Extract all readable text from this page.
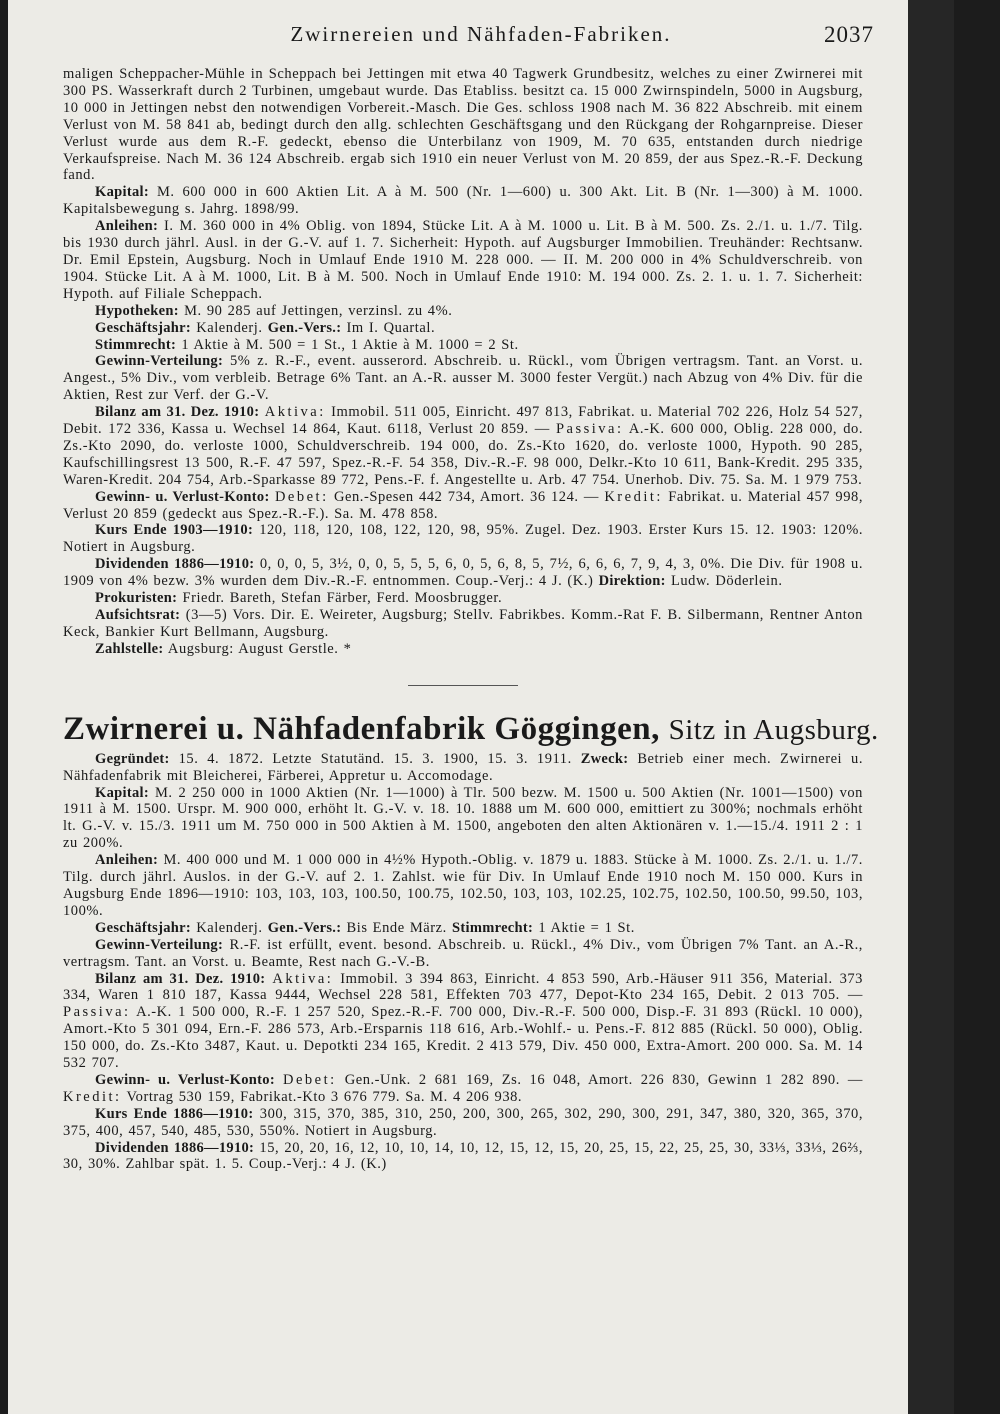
Zwirnereien und Nähfaden-Fabriken.	2037
maligen Scheppacher-Mühle in Scheppach bei Jettingen mit etwa 40 Tagwerk Grundbesitz, welches zu einer Zwirnerei mit 300 PS. Wasserkraft durch 2 Turbinen, umgebaut wurde. Das Etabliss. besitzt ca. 15 000 Zwirnspindeln, 5000 in Augsburg, 10 000 in Jettingen nebst den notwendigen Vorbereit.-Masch. Die Ges. schloss 1908 nach M. 36 822 Abschreib. mit einem Verlust von M. 58 841 ab, bedingt durch den allg. schlechten Geschäftsgang und den Rückgang der Rohgarnpreise. Dieser Verlust wurde aus dem R.-F. gedeckt, ebenso die Unterbilanz von 1909, M. 70 635, entstanden durch niedrige Verkaufspreise. Nach M. 36 124 Abschreib. ergab sich 1910 ein neuer Verlust von M. 20 859, der aus Spez.-R.-F. Deckung fand.
Kapital: M. 600 000 in 600 Aktien Lit. A à M. 500 (Nr. 1—600) u. 300 Akt. Lit. B (Nr. 1—300) à M. 1000. Kapitalsbewegung s. Jahrg. 1898/99.
Anleihen: I. M. 360 000 in 4% Oblig. von 1894, Stücke Lit. A à M. 1000 u. Lit. B à M. 500. Zs. 2./1. u. 1./7. Tilg. bis 1930 durch jährl. Ausl. in der G.-V. auf 1. 7. Sicherheit: Hypoth. auf Augsburger Immobilien. Treuhänder: Rechtsanw. Dr. Emil Epstein, Augsburg. Noch in Umlauf Ende 1910 M. 228 000. — II. M. 200 000 in 4% Schuldverschreib. von 1904. Stücke Lit. A à M. 1000, Lit. B à M. 500. Noch in Umlauf Ende 1910: M. 194 000. Zs. 2. 1. u. 1. 7. Sicherheit: Hypoth. auf Filiale Scheppach.
Hypotheken: M. 90 285 auf Jettingen, verzinsl. zu 4%.
Geschäftsjahr: Kalenderj. Gen.-Vers.: Im I. Quartal.
Stimmrecht: 1 Aktie à M. 500 = 1 St., 1 Aktie à M. 1000 = 2 St.
Gewinn-Verteilung: 5% z. R.-F., event. ausserord. Abschreib. u. Rückl., vom Übrigen vertragsm. Tant. an Vorst. u. Angest., 5% Div., vom verbleib. Betrage 6% Tant. an A.-R. ausser M. 3000 fester Vergüt.) nach Abzug von 4% Div. für die Aktien, Rest zur Verf. der G.-V.
Bilanz am 31. Dez. 1910: Aktiva: Immobil. 511 005, Einricht. 497 813, Fabrikat. u. Material 702 226, Holz 54 527, Debit. 172 336, Kassa u. Wechsel 14 864, Kaut. 6118, Verlust 20 859. — Passiva: A.-K. 600 000, Oblig. 228 000, do. Zs.-Kto 2090, do. verloste 1000, Schuldverschreib. 194 000, do. Zs.-Kto 1620, do. verloste 1000, Hypoth. 90 285, Kaufschillingsrest 13 500, R.-F. 47 597, Spez.-R.-F. 54 358, Div.-R.-F. 98 000, Delkr.-Kto 10 611, Bank-Kredit. 295 335, Waren-Kredit. 204 754, Arb.-Sparkasse 89 772, Pens.-F. f. Angestellte u. Arb. 47 754. Unerhob. Div. 75. Sa. M. 1 979 753.
Gewinn- u. Verlust-Konto: Debet: Gen.-Spesen 442 734, Amort. 36 124. — Kredit: Fabrikat. u. Material 457 998, Verlust 20 859 (gedeckt aus Spez.-R.-F.). Sa. M. 478 858.
Kurs Ende 1903—1910: 120, 118, 120, 108, 122, 120, 98, 95%. Zugel. Dez. 1903. Erster Kurs 15. 12. 1903: 120%. Notiert in Augsburg.
Dividenden 1886—1910: 0, 0, 0, 5, 3½, 0, 0, 5, 5, 5, 6, 0, 5, 6, 8, 5, 7½, 6, 6, 6, 7, 9, 4, 3, 0%. Die Div. für 1908 u. 1909 von 4% bezw. 3% wurden dem Div.-R.-F. entnommen. Coup.-Verj.: 4 J. (K.) Direktion: Ludw. Döderlein.
Prokuristen: Friedr. Bareth, Stefan Färber, Ferd. Moosbrugger.
Aufsichtsrat: (3—5) Vors. Dir. E. Weireter, Augsburg; Stellv. Fabrikbes. Komm.-Rat F. B. Silbermann, Rentner Anton Keck, Bankier Kurt Bellmann, Augsburg.
Zahlstelle: Augsburg: August Gerstle. *
Zwirnerei u. Nähfadenfabrik Göggingen, Sitz in Augsburg.
Gegründet: 15. 4. 1872. Letzte Statutänd. 15. 3. 1900, 15. 3. 1911. Zweck: Betrieb einer mech. Zwirnerei u. Nähfadenfabrik mit Bleicherei, Färberei, Appretur u. Accomodage.
Kapital: M. 2 250 000 in 1000 Aktien (Nr. 1—1000) à Tlr. 500 bezw. M. 1500 u. 500 Aktien (Nr. 1001—1500) von 1911 à M. 1500. Urspr. M. 900 000, erhöht lt. G.-V. v. 18. 10. 1888 um M. 600 000, emittiert zu 300%; nochmals erhöht lt. G.-V. v. 15./3. 1911 um M. 750 000 in 500 Aktien à M. 1500, angeboten den alten Aktionären v. 1.—15./4. 1911 2 : 1 zu 200%.
Anleihen: M. 400 000 und M. 1 000 000 in 4½% Hypoth.-Oblig. v. 1879 u. 1883. Stücke à M. 1000. Zs. 2./1. u. 1./7. Tilg. durch jährl. Auslos. in der G.-V. auf 2. 1. Zahlst. wie für Div. In Umlauf Ende 1910 noch M. 150 000. Kurs in Augsburg Ende 1896—1910: 103, 103, 103, 100.50, 100.75, 102.50, 103, 103, 102.25, 102.75, 102.50, 100.50, 99.50, 103, 100%.
Geschäftsjahr: Kalenderj. Gen.-Vers.: Bis Ende März. Stimmrecht: 1 Aktie = 1 St.
Gewinn-Verteilung: R.-F. ist erfüllt, event. besond. Abschreib. u. Rückl., 4% Div., vom Übrigen 7% Tant. an A.-R., vertragsm. Tant. an Vorst. u. Beamte, Rest nach G.-V.-B.
Bilanz am 31. Dez. 1910: Aktiva: Immobil. 3 394 863, Einricht. 4 853 590, Arb.-Häuser 911 356, Material. 373 334, Waren 1 810 187, Kassa 9444, Wechsel 228 581, Effekten 703 477, Depot-Kto 234 165, Debit. 2 013 705. — Passiva: A.-K. 1 500 000, R.-F. 1 257 520, Spez.-R.-F. 700 000, Div.-R.-F. 500 000, Disp.-F. 31 893 (Rückl. 10 000), Amort.-Kto 5 301 094, Ern.-F. 286 573, Arb.-Ersparnis 118 616, Arb.-Wohlf.- u. Pens.-F. 812 885 (Rückl. 50 000), Oblig. 150 000, do. Zs.-Kto 3487, Kaut. u. Depotkti 234 165, Kredit. 2 413 579, Div. 450 000, Extra-Amort. 200 000. Sa. M. 14 532 707.
Gewinn- u. Verlust-Konto: Debet: Gen.-Unk. 2 681 169, Zs. 16 048, Amort. 226 830, Gewinn 1 282 890. — Kredit: Vortrag 530 159, Fabrikat.-Kto 3 676 779. Sa. M. 4 206 938.
Kurs Ende 1886—1910: 300, 315, 370, 385, 310, 250, 200, 300, 265, 302, 290, 300, 291, 347, 380, 320, 365, 370, 375, 400, 457, 540, 485, 530, 550%. Notiert in Augsburg.
Dividenden 1886—1910: 15, 20, 20, 16, 12, 10, 10, 14, 10, 12, 15, 12, 15, 20, 25, 15, 22, 25, 25, 30, 33⅓, 33⅓, 26⅔, 30, 30%. Zahlbar spät. 1. 5. Coup.-Verj.: 4 J. (K.)
